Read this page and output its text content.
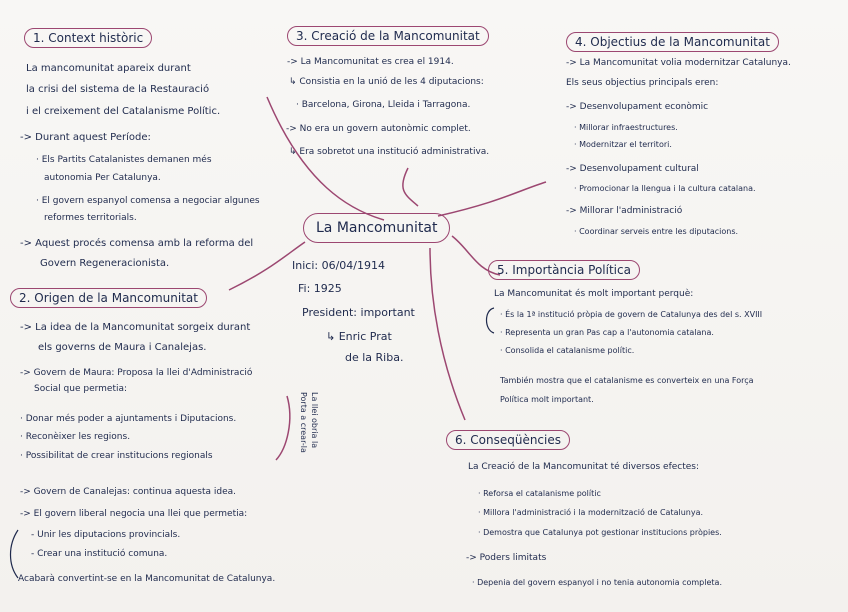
1. Context històric
La mancomunitat apareix durant
la crisi del sistema de la Restauració
i el creixement del Catalanisme Polític.
-> Durant aquest Període:
· Els Partits Catalanistes demanen més
autonomia Per Catalunya.
· El govern espanyol comensa a negociar algunes
reformes territorials.
-> Aquest procés comensa amb la reforma del
Govern Regeneracionista.
2. Origen de la Mancomunitat
-> La idea de la Mancomunitat sorgeix durant
els governs de Maura i Canalejas.
-> Govern de Maura: Proposa la llei d'Administració
Social que permetia:
· Donar més poder a ajuntaments i Diputacions.
· Reconèixer les regions.
· Possibilitat de crear institucions regionals
La llei obria la
Porta a crear-la
-> Govern de Canalejas: continua aquesta idea.
-> El govern liberal negocia una llei que permetia:
- Unir les diputacions provincials.
- Crear una institució comuna.
Acabarà convertint-se en la Mancomunitat de Catalunya.
La Mancomunitat
Inici: 06/04/1914
Fi: 1925
President: important
↳ Enric Prat
de la Riba.
3. Creació de la Mancomunitat
-> La Mancomunitat es crea el 1914.
↳ Consistia en la unió de les 4 diputacions:
· Barcelona, Girona, Lleida i Tarragona.
-> No era un govern autonòmic complet.
↳ Era sobretot una institució administrativa.
4. Objectius de la Mancomunitat
-> La Mancomunitat volia modernitzar Catalunya.
Els seus objectius principals eren:
-> Desenvolupament econòmic
· Millorar infraestructures.
· Modernitzar el territori.
-> Desenvolupament cultural
· Promocionar la llengua i la cultura catalana.
-> Millorar l'administració
· Coordinar serveis entre les diputacions.
5. Importància Política
La Mancomunitat és molt important perquè:
· És la 1ª institució pròpia de govern de Catalunya des del s. XVIII
· Representa un gran Pas cap a l'autonomia catalana.
· Consolida el catalanisme polític.
También mostra que el catalanisme es converteix en una Força
Política molt important.
6. Conseqüències
La Creació de la Mancomunitat té diversos efectes:
· Reforsa el catalanisme polític
· Millora l'administració i la modernització de Catalunya.
· Demostra que Catalunya pot gestionar institucions pròpies.
-> Poders limitats
· Depenia del govern espanyol i no tenia autonomia completa.
